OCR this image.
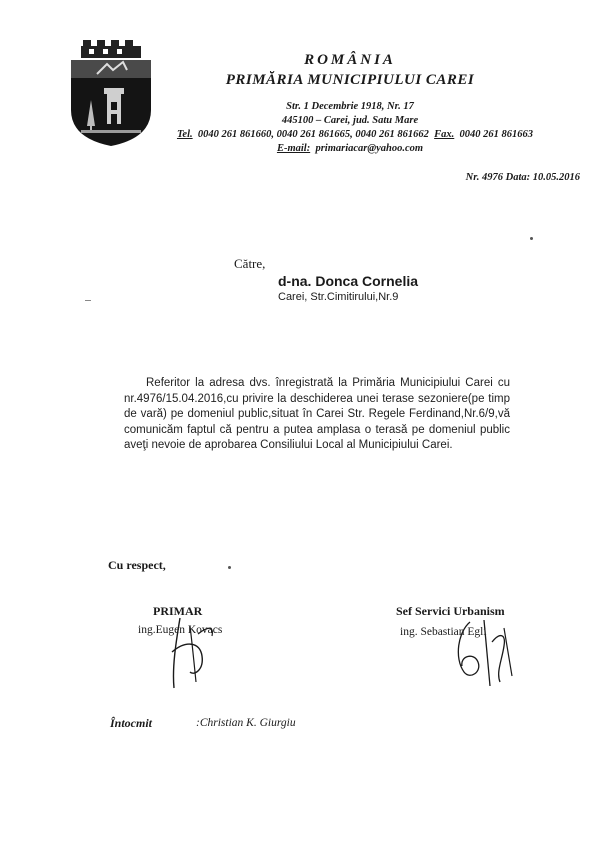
ROMÂNIA
PRIMĂRIA MUNICIPIULUI CAREI
Str. 1 Decembrie 1918, Nr. 17
445100 – Carei, jud. Satu Mare
Tel. 0040 261 861660, 0040 261 861665, 0040 261 861662 Fax. 0040 261 861663
E-mail: primariacar@yahoo.com
Nr. 4976 Data: 10.05.2016
Către,
d-na. Donca Cornelia
Carei, Str.Cimitirului,Nr.9

Referitor la adresa dvs. înregistrată la Primăria Municipiului Carei cu nr.4976/15.04.2016,cu privire la deschiderea unei terase sezoniere(pe timp de vară) pe domeniul public,situat în Carei Str. Regele Ferdinand,Nr.6/9,vă comunicăm faptul că pentru a putea amplasa o terasă pe domeniul public aveţi nevoie de aprobarea Consiliului Local al Municipiului Carei.

Cu respect,
PRIMAR
ing.Eugen Kovacs
Sef Servici Urbanism
ing. Sebastian Egli
Întocmit	:Christian K. Giurgiu
